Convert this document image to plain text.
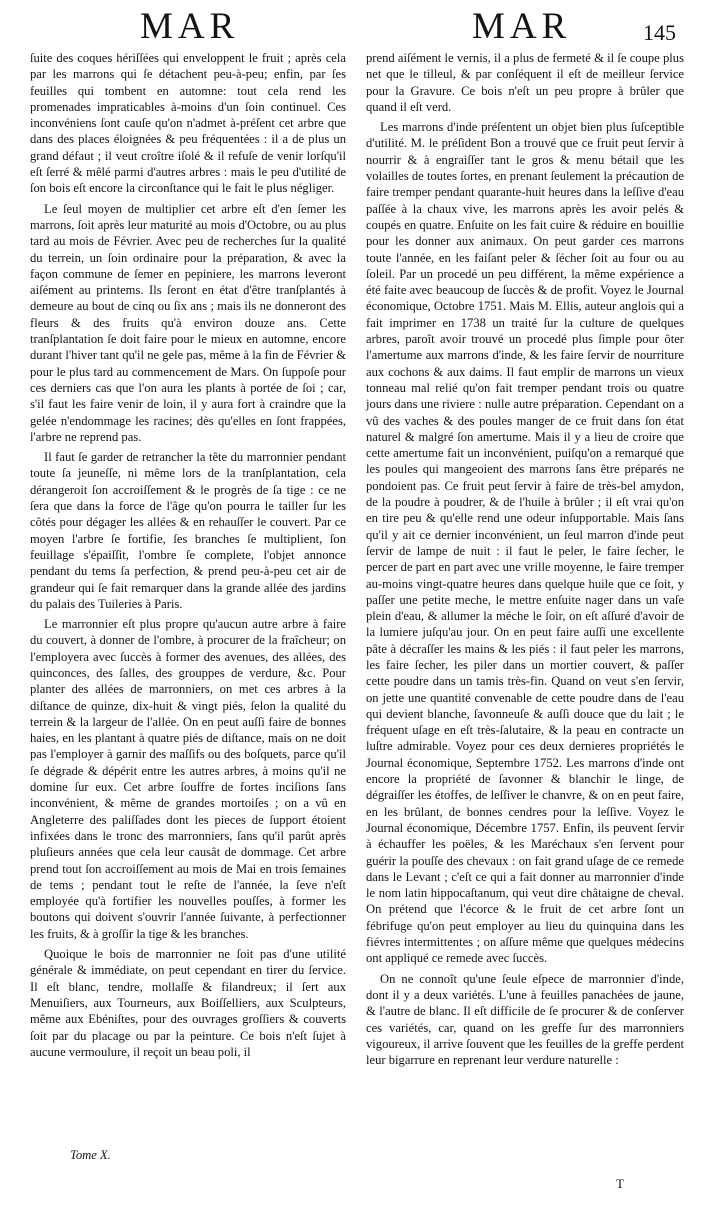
MAR	MAR	145

ſuite des coques hériſſées qui enveloppent le fruit ; après cela par les marrons qui ſe détachent peu-à-peu; enfin, par ſes feuilles qui tombent en automne: tout cela rend les promenades impraticables à-moins d'un ſoin continuel. Ces inconvéniens ſont cauſe qu'on n'admet à-préſent cet arbre que dans des places éloignées & peu fréquentées : il a de plus un grand défaut ; il veut croître iſolé & il refuſe de venir lorſqu'il eſt ſerré & mêlé parmi d'autres arbres : mais le peu d'utilité de ſon bois eſt encore la circonſtance qui le fait le plus négliger.

Le ſeul moyen de multiplier cet arbre eſt d'en ſemer les marrons, ſoit après leur maturité au mois d'Octobre, ou au plus tard au mois de Février. Avec peu de recherches ſur la qualité du terrein, un ſoin ordinaire pour la préparation, & avec la façon commune de ſemer en pepiniere, les marrons leveront aiſément au printems. Ils ſeront en état d'être tranſplantés à demeure au bout de cinq ou ſix ans ; mais ils ne donneront des fleurs & des fruits qu'à environ douze ans. Cette tranſplantation ſe doit faire pour le mieux en automne, encore durant l'hiver tant qu'il ne gele pas, même à la fin de Février & pour le plus tard au commencement de Mars. On ſuppoſe pour ces derniers cas que l'on aura les plants à portée de ſoi ; car, s'il faut les faire venir de loin, il y aura fort à craindre que la gelée n'endommage les racines; dès qu'elles en ſont frappées, l'arbre ne reprend pas.

Il faut ſe garder de retrancher la tête du marronnier pendant toute ſa jeuneſſe, ni même lors de la tranſplantation, cela dérangeroit ſon accroiſſement & le progrès de ſa tige : ce ne ſera que dans la force de l'âge qu'on pourra le tailler ſur les côtés pour dégager les allées & en rehauſſer le couvert. Par ce moyen l'arbre ſe fortifie, ſes branches ſe multiplient, ſon feuillage s'épaiſſit, l'ombre ſe complete, l'objet annonce pendant du tems ſa perfection, & prend peu-à-peu cet air de grandeur qui ſe fait remarquer dans la grande allée des jardins du palais des Tuileries à Paris.

Le marronnier eſt plus propre qu'aucun autre arbre à faire du couvert, à donner de l'ombre, à procurer de la fraîcheur; on l'employera avec ſuccès à former des avenues, des allées, des quinconces, des ſalles, des grouppes de verdure, &c. Pour planter des allées de marronniers, on met ces arbres à la diſtance de quinze, dix-huit & vingt piés, ſelon la qualité du terrein & la largeur de l'allée. On en peut auſſi faire de bonnes haies, en les plantant à quatre piés de diſtance, mais on ne doit pas l'employer à garnir des maſſifs ou des boſquets, parce qu'il ſe dégrade & dépérit entre les autres arbres, à moins qu'il ne domine ſur eux. Cet arbre ſouffre de fortes inciſions ſans inconvénient, & même de grandes mortoiſes ; on a vû en Angleterre des paliſſades dont les pieces de ſupport étoient infixées dans le tronc des marronniers, ſans qu'il parût après pluſieurs années que cela leur causât de dommage. Cet arbre prend tout ſon accroiſſement au mois de Mai en trois ſemaines de tems ; pendant tout le reſte de l'année, la ſeve n'eſt employée qu'à fortifier les nouvelles pouſſes, à former les boutons qui doivent s'ouvrir l'année ſuivante, à perfectionner les fruits, & à groſſir la tige & les branches.

Quoique le bois de marronnier ne ſoit pas d'une utilité générale & immédiate, on peut cependant en tirer du ſervice. Il eſt blanc, tendre, mollaſſe & filandreux; il ſert aux Menuiſiers, aux Tourneurs, aux Boiſſelliers, aux Sculpteurs, même aux Ebéniſtes, pour des ouvrages groſſiers & couverts ſoit par du placage ou par la peinture. Ce bois n'eſt ſujet à aucune vermoulure, il reçoit un beau poli, il

prend aiſément le vernis, il a plus de fermeté & il ſe coupe plus net que le tilleul, & par conſéquent il eſt de meilleur ſervice pour la Gravure. Ce bois n'eſt un peu propre à brûler que quand il eſt verd.

Les marrons d'inde préſentent un objet bien plus ſuſceptible d'utilité. M. le préſident Bon a trouvé que ce fruit peut ſervir à nourrir & à engraiſſer tant le gros & menu bétail que les volailles de toutes ſortes, en prenant ſeulement la précaution de faire tremper pendant quarante-huit heures dans la leſſive d'eau paſſée à la chaux vive, les marrons après les avoir pelés & coupés en quatre. Enſuite on les fait cuire & réduire en bouillie pour les donner aux animaux. On peut garder ces marrons toute l'année, en les faiſant peler & ſécher ſoit au four ou au ſoleil. Par un procedé un peu différent, la même expérience a été faite avec beaucoup de ſuccès & de profit. Voyez le Journal économique, Octobre 1751. Mais M. Ellis, auteur anglois qui a fait imprimer en 1738 un traité ſur la culture de quelques arbres, paroît avoir trouvé un procedé plus ſimple pour ôter l'amertume aux marrons d'inde, & les faire ſervir de nourriture aux cochons & aux daims. Il faut emplir de marrons un vieux tonneau mal relié qu'on fait tremper pendant trois ou quatre jours dans une riviere : nulle autre préparation. Cependant on a vû des vaches & des poules manger de ce fruit dans ſon état naturel & malgré ſon amertume. Mais il y a lieu de croire que cette amertume fait un inconvénient, puiſqu'on a remarqué que les poules qui mangeoient des marrons ſans être préparés ne pondoient pas. Ce fruit peut ſervir à faire de très-bel amydon, de la poudre à poudrer, & de l'huile à brûler ; il eſt vrai qu'on en tire peu & qu'elle rend une odeur inſupportable. Mais ſans qu'il y ait ce dernier inconvénient, un ſeul marron d'inde peut ſervir de lampe de nuit : il faut le peler, le faire ſecher, le percer de part en part avec une vrille moyenne, le faire tremper au-moins vingt-quatre heures dans quelque huile que ce ſoit, y paſſer une petite meche, le mettre enſuite nager dans un vaſe plein d'eau, & allumer la méche le ſoir, on eſt aſſuré d'avoir de la lumiere juſqu'au jour. On en peut faire auſſi une excellente pâte à décraſſer les mains & les piés : il faut peler les marrons, les faire ſecher, les piler dans un mortier couvert, & paſſer cette poudre dans un tamis très-fin. Quand on veut s'en ſervir, on jette une quantité convenable de cette poudre dans de l'eau qui devient blanche, ſavonneuſe & auſſi douce que du lait ; le fréquent uſage en eſt très-ſalutaire, & la peau en contracte un luſtre admirable. Voyez pour ces deux dernieres propriétés le Journal économique, Septembre 1752. Les marrons d'inde ont encore la propriété de ſavonner & blanchir le linge, de dégraiſſer les étoffes, de leſſiver le chanvre, & on en peut faire, en les brûlant, de bonnes cendres pour la leſſive. Voyez le Journal économique, Décembre 1757. Enfin, ils peuvent ſervir à échauffer les poëles, & les Maréchaux s'en ſervent pour guérir la pouſſe des chevaux : on fait grand uſage de ce remede dans le Levant ; c'eſt ce qui a fait donner au marronnier d'inde le nom latin hippocaſtanum, qui veut dire châtaigne de cheval. On prétend que l'écorce & le fruit de cet arbre ſont un fébrifuge qu'on peut employer au lieu du quinquina dans les fiévres intermittentes ; on aſſure même que quelques médecins ont appliqué ce remede avec ſuccès.

On ne connoît qu'une ſeule eſpece de marronnier d'inde, dont il y a deux variétés. L'une à feuilles panachées de jaune, & l'autre de blanc. Il eſt difficile de ſe procurer & de conſerver ces variétés, car, quand on les greffe ſur des marronniers vigoureux, il arrive ſouvent que les feuilles de la greffe perdent leur bigarrure en reprenant leur verdure naturelle :

Tome X.
T
